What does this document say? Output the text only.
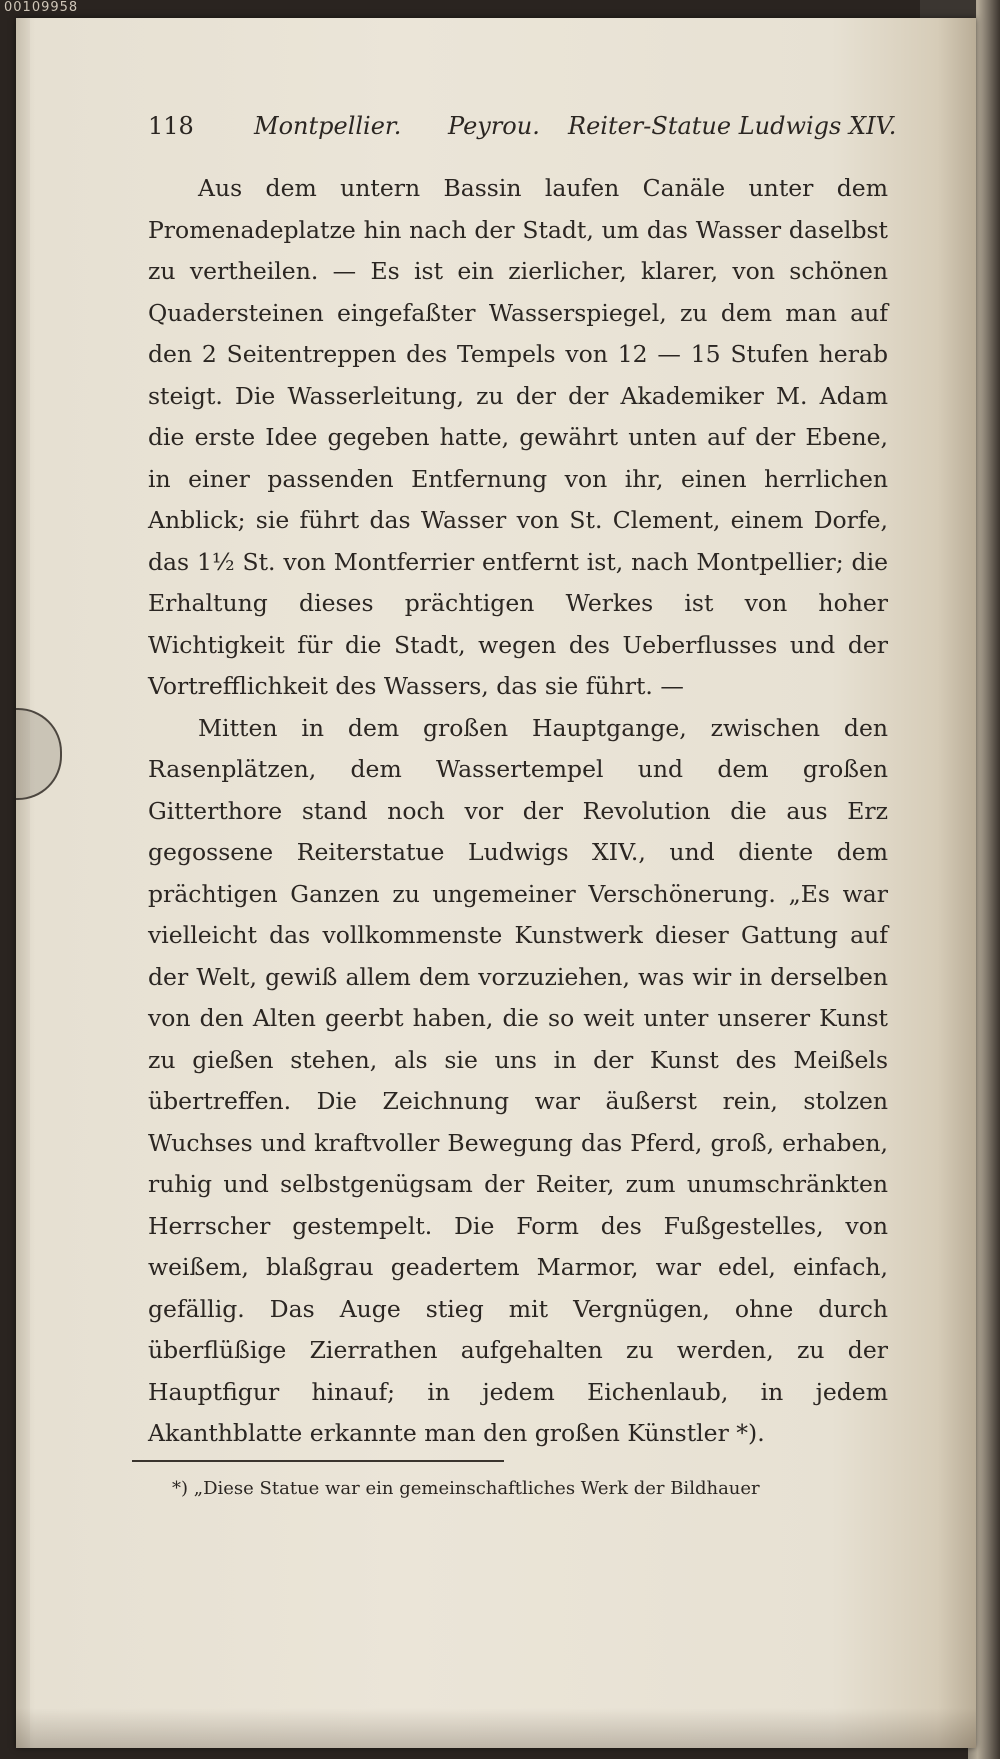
00109958
118	Montpellier. Peyrou. Reiter-Statue Ludwigs XIV.

Aus dem untern Bassin laufen Canäle unter dem Promenadeplatze hin nach der Stadt, um das Wasser daselbst zu vertheilen. — Es ist ein zierlicher, klarer, von schönen Quadersteinen eingefaßter Wasserspiegel, zu dem man auf den 2 Seitentreppen des Tempels von 12 — 15 Stufen herab steigt. Die Wasserleitung, zu der der Akademiker M. Adam die erste Idee gegeben hatte, gewährt unten auf der Ebene, in einer passenden Entfernung von ihr, einen herrlichen Anblick; sie führt das Wasser von St. Clement, einem Dorfe, das 1½ St. von Montferrier entfernt ist, nach Montpellier; die Erhaltung dieses prächtigen Werkes ist von hoher Wichtigkeit für die Stadt, wegen des Ueberflusses und der Vortrefflichkeit des Wassers, das sie führt. —

Mitten in dem großen Hauptgange, zwischen den Rasenplätzen, dem Wassertempel und dem großen Gitterthore stand noch vor der Revolution die aus Erz gegossene Reiterstatue Ludwigs XIV., und diente dem prächtigen Ganzen zu ungemeiner Verschönerung. „Es war vielleicht das vollkommenste Kunstwerk dieser Gattung auf der Welt, gewiß allem dem vorzuziehen, was wir in derselben von den Alten geerbt haben, die so weit unter unserer Kunst zu gießen stehen, als sie uns in der Kunst des Meißels übertreffen. Die Zeichnung war äußerst rein, stolzen Wuchses und kraftvoller Bewegung das Pferd, groß, erhaben, ruhig und selbstgenügsam der Reiter, zum unumschränkten Herrscher gestempelt. Die Form des Fußgestelles, von weißem, blaßgrau geadertem Marmor, war edel, einfach, gefällig. Das Auge stieg mit Vergnügen, ohne durch überflüßige Zierrathen aufgehalten zu werden, zu der Hauptfigur hinauf; in jedem Eichenlaub, in jedem Akanthblatte erkannte man den großen Künstler *).

*) „Diese Statue war ein gemeinschaftliches Werk der Bildhauer
